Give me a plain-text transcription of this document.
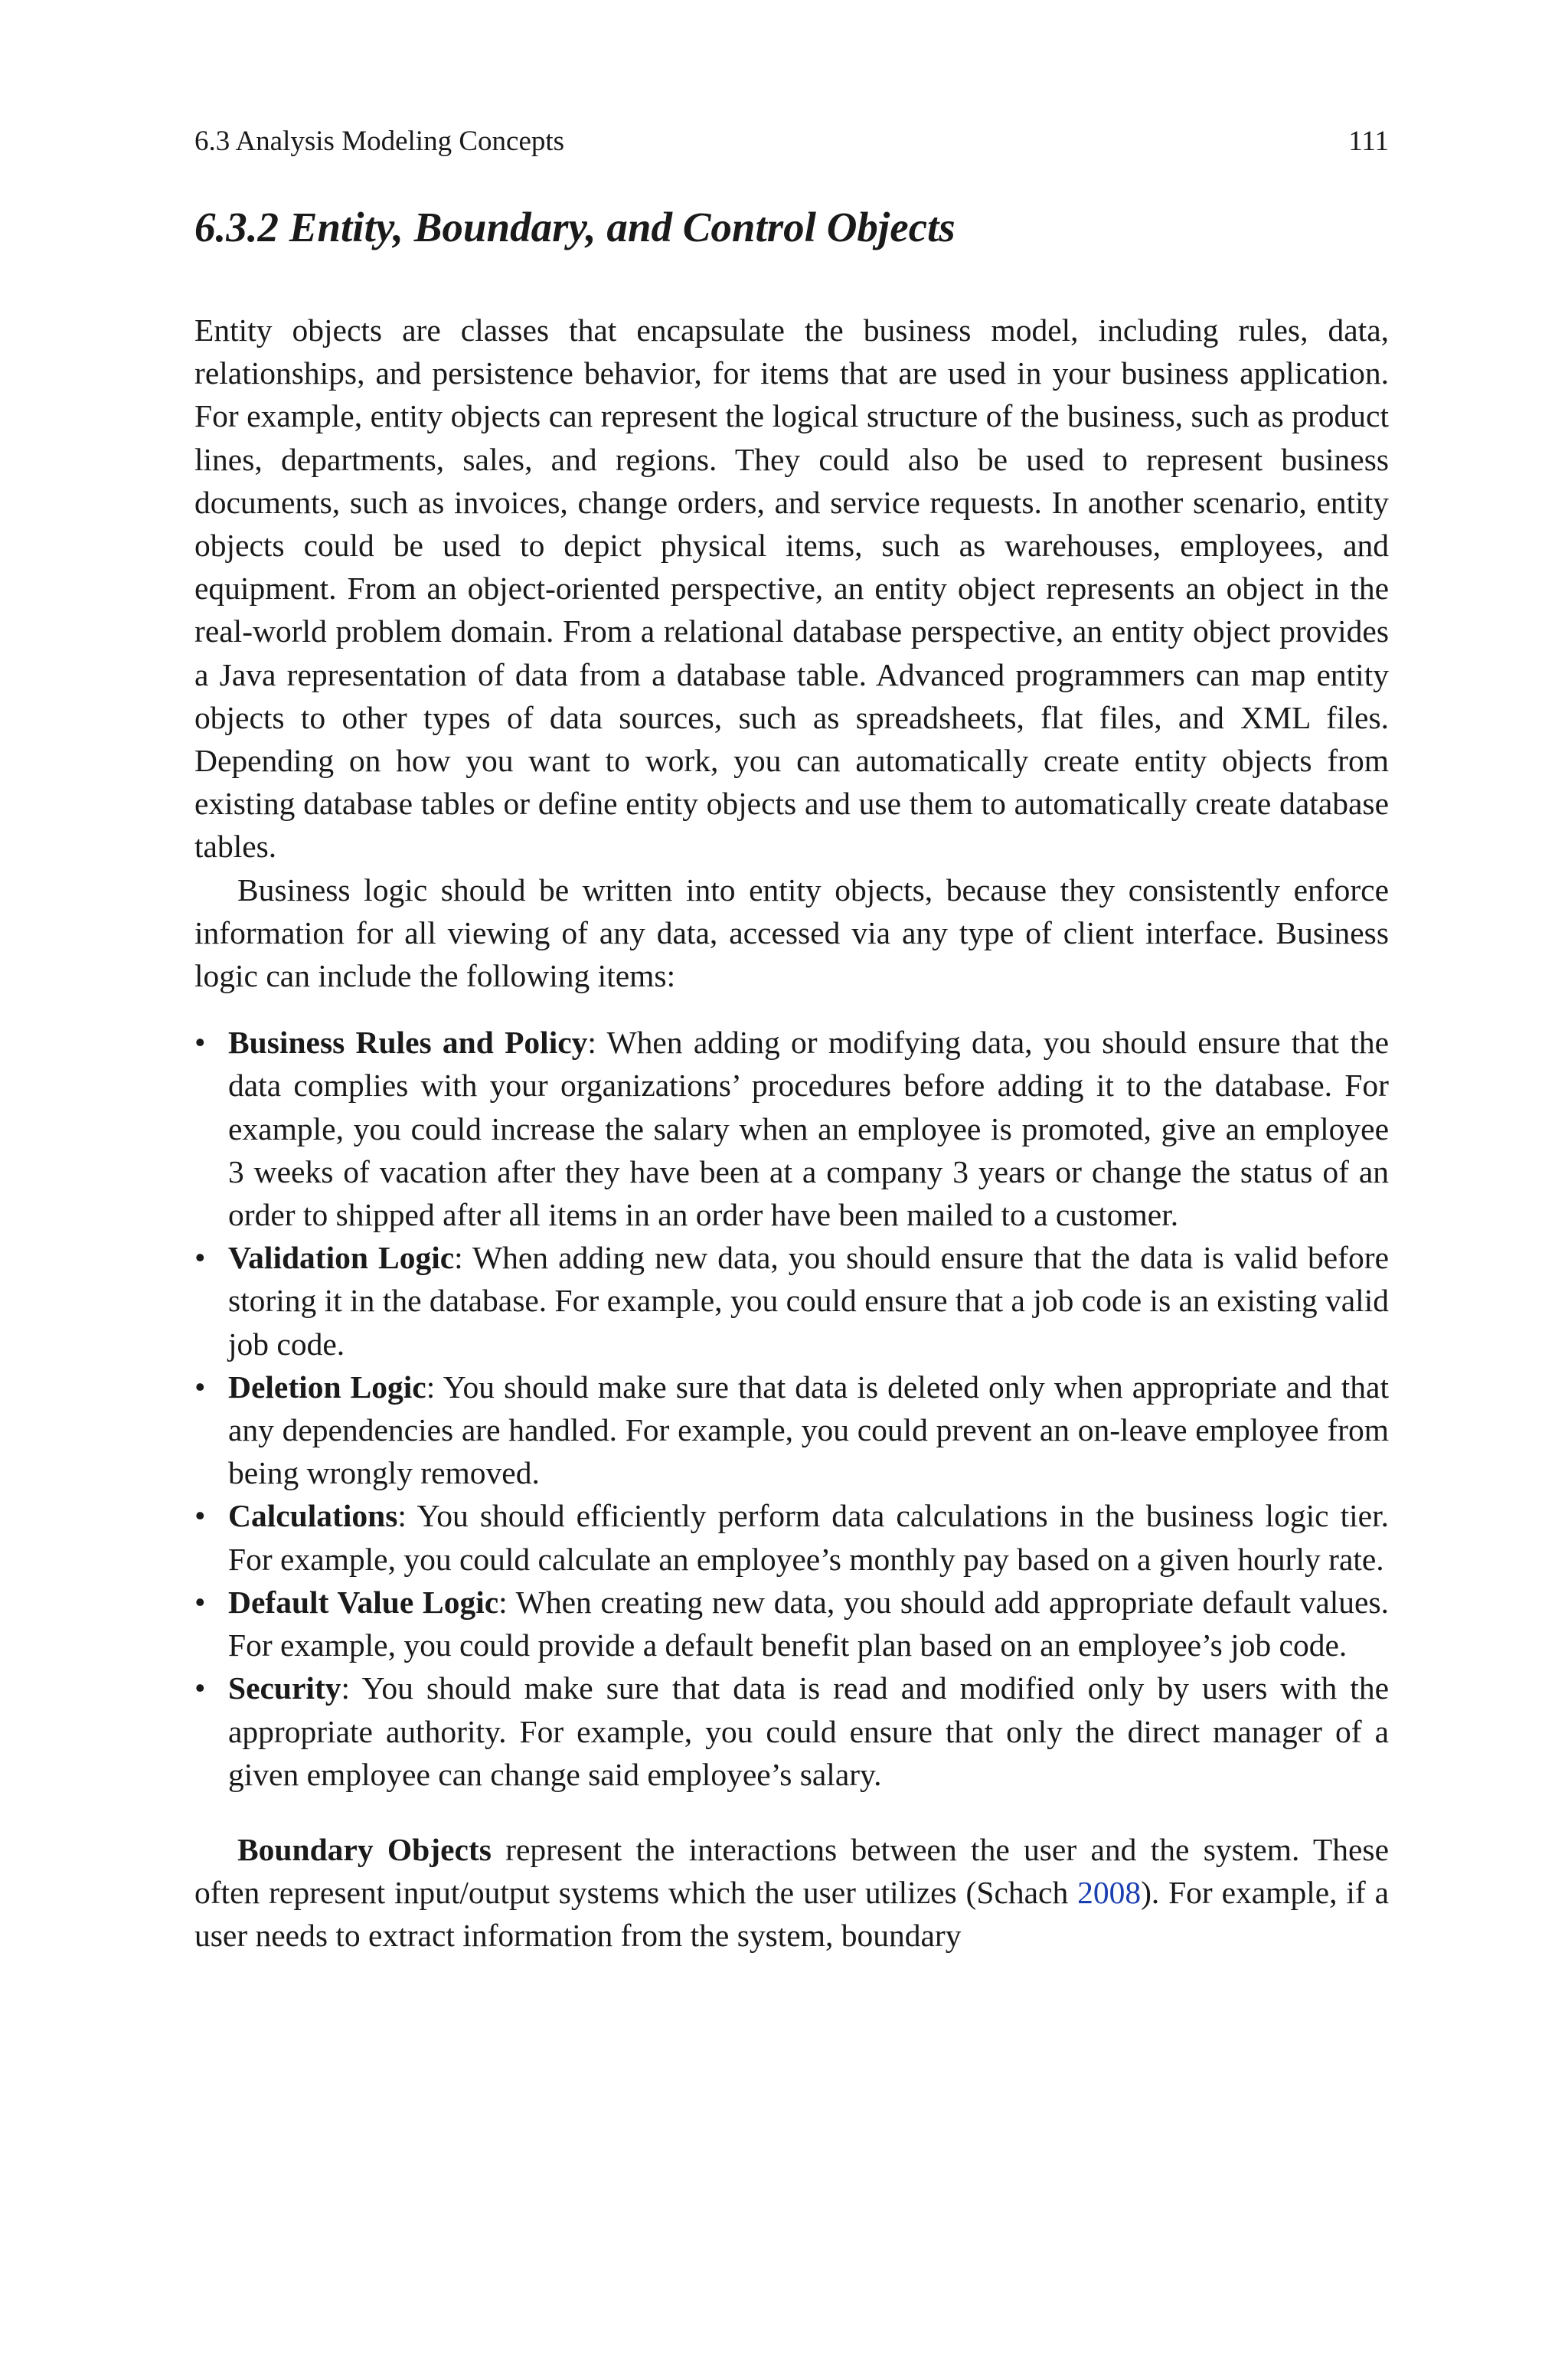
6.3 Analysis Modeling Concepts	111
6.3.2 Entity, Boundary, and Control Objects

Entity objects are classes that encapsulate the business model, including rules, data, relationships, and persistence behavior, for items that are used in your business application. For example, entity objects can represent the logical structure of the business, such as product lines, departments, sales, and regions. They could also be used to represent business documents, such as invoices, change orders, and service requests. In another scenario, entity objects could be used to depict physical items, such as warehouses, employees, and equipment. From an object-oriented perspective, an entity object represents an object in the real-world problem domain. From a relational database perspective, an entity object provides a Java representation of data from a database table. Advanced programmers can map entity objects to other types of data sources, such as spreadsheets, flat files, and XML files. Depending on how you want to work, you can automatically create entity objects from existing database tables or define entity objects and use them to automatically create database tables.

Business logic should be written into entity objects, because they consistently enforce information for all viewing of any data, accessed via any type of client interface. Business logic can include the following items:

• Business Rules and Policy: When adding or modifying data, you should ensure that the data complies with your organizations’ procedures before adding it to the database. For example, you could increase the salary when an employee is promoted, give an employee 3 weeks of vacation after they have been at a company 3 years or change the status of an order to shipped after all items in an order have been mailed to a customer.
• Validation Logic: When adding new data, you should ensure that the data is valid before storing it in the database. For example, you could ensure that a job code is an existing valid job code.
• Deletion Logic: You should make sure that data is deleted only when appropriate and that any dependencies are handled. For example, you could prevent an on-leave employee from being wrongly removed.
• Calculations: You should efficiently perform data calculations in the business logic tier. For example, you could calculate an employee’s monthly pay based on a given hourly rate.
• Default Value Logic: When creating new data, you should add appropriate default values. For example, you could provide a default benefit plan based on an employee’s job code.
• Security: You should make sure that data is read and modified only by users with the appropriate authority. For example, you could ensure that only the direct manager of a given employee can change said employee’s salary.

Boundary Objects represent the interactions between the user and the system. These often represent input/output systems which the user utilizes (Schach 2008). For example, if a user needs to extract information from the system, boundary
